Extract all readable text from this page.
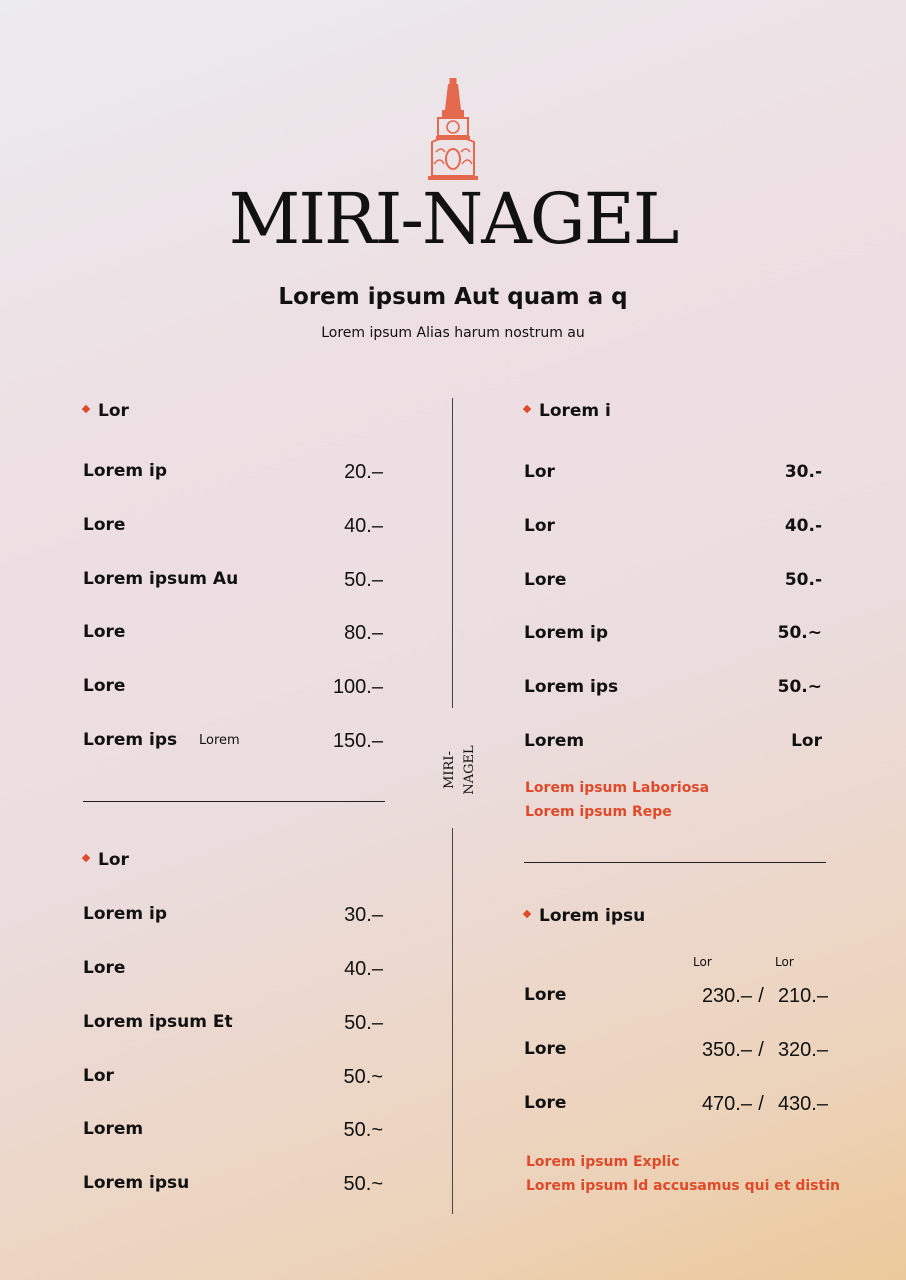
MIRI-NAGEL
Lorem ipsum Aut quam a q
Lorem ipsum Alias harum nostrum au
MIRI-NAGEL
Lor
Lorem ip	20.–
Lore	40.–
Lorem ipsum Au	50.–
Lore	80.–
Lore	100.–
Lorem ips Lorem	150.–
Lor
Lorem ip	30.–
Lore	40.–
Lorem ipsum Et	50.–
Lor	50.~
Lorem	50.~
Lorem ipsu	50.~
Lorem i
Lor	30.-
Lor	40.-
Lore	50.-
Lorem ip	50.~
Lorem ips	50.~
Lorem	Lor
Lorem ipsum Laboriosa
Lorem ipsum Repe
Lorem ipsu
Lor	Lor
Lore	230.– / 210.–
Lore	350.– / 320.–
Lore	470.– / 430.–
Lorem ipsum Explic
Lorem ipsum Id accusamus qui et distin
